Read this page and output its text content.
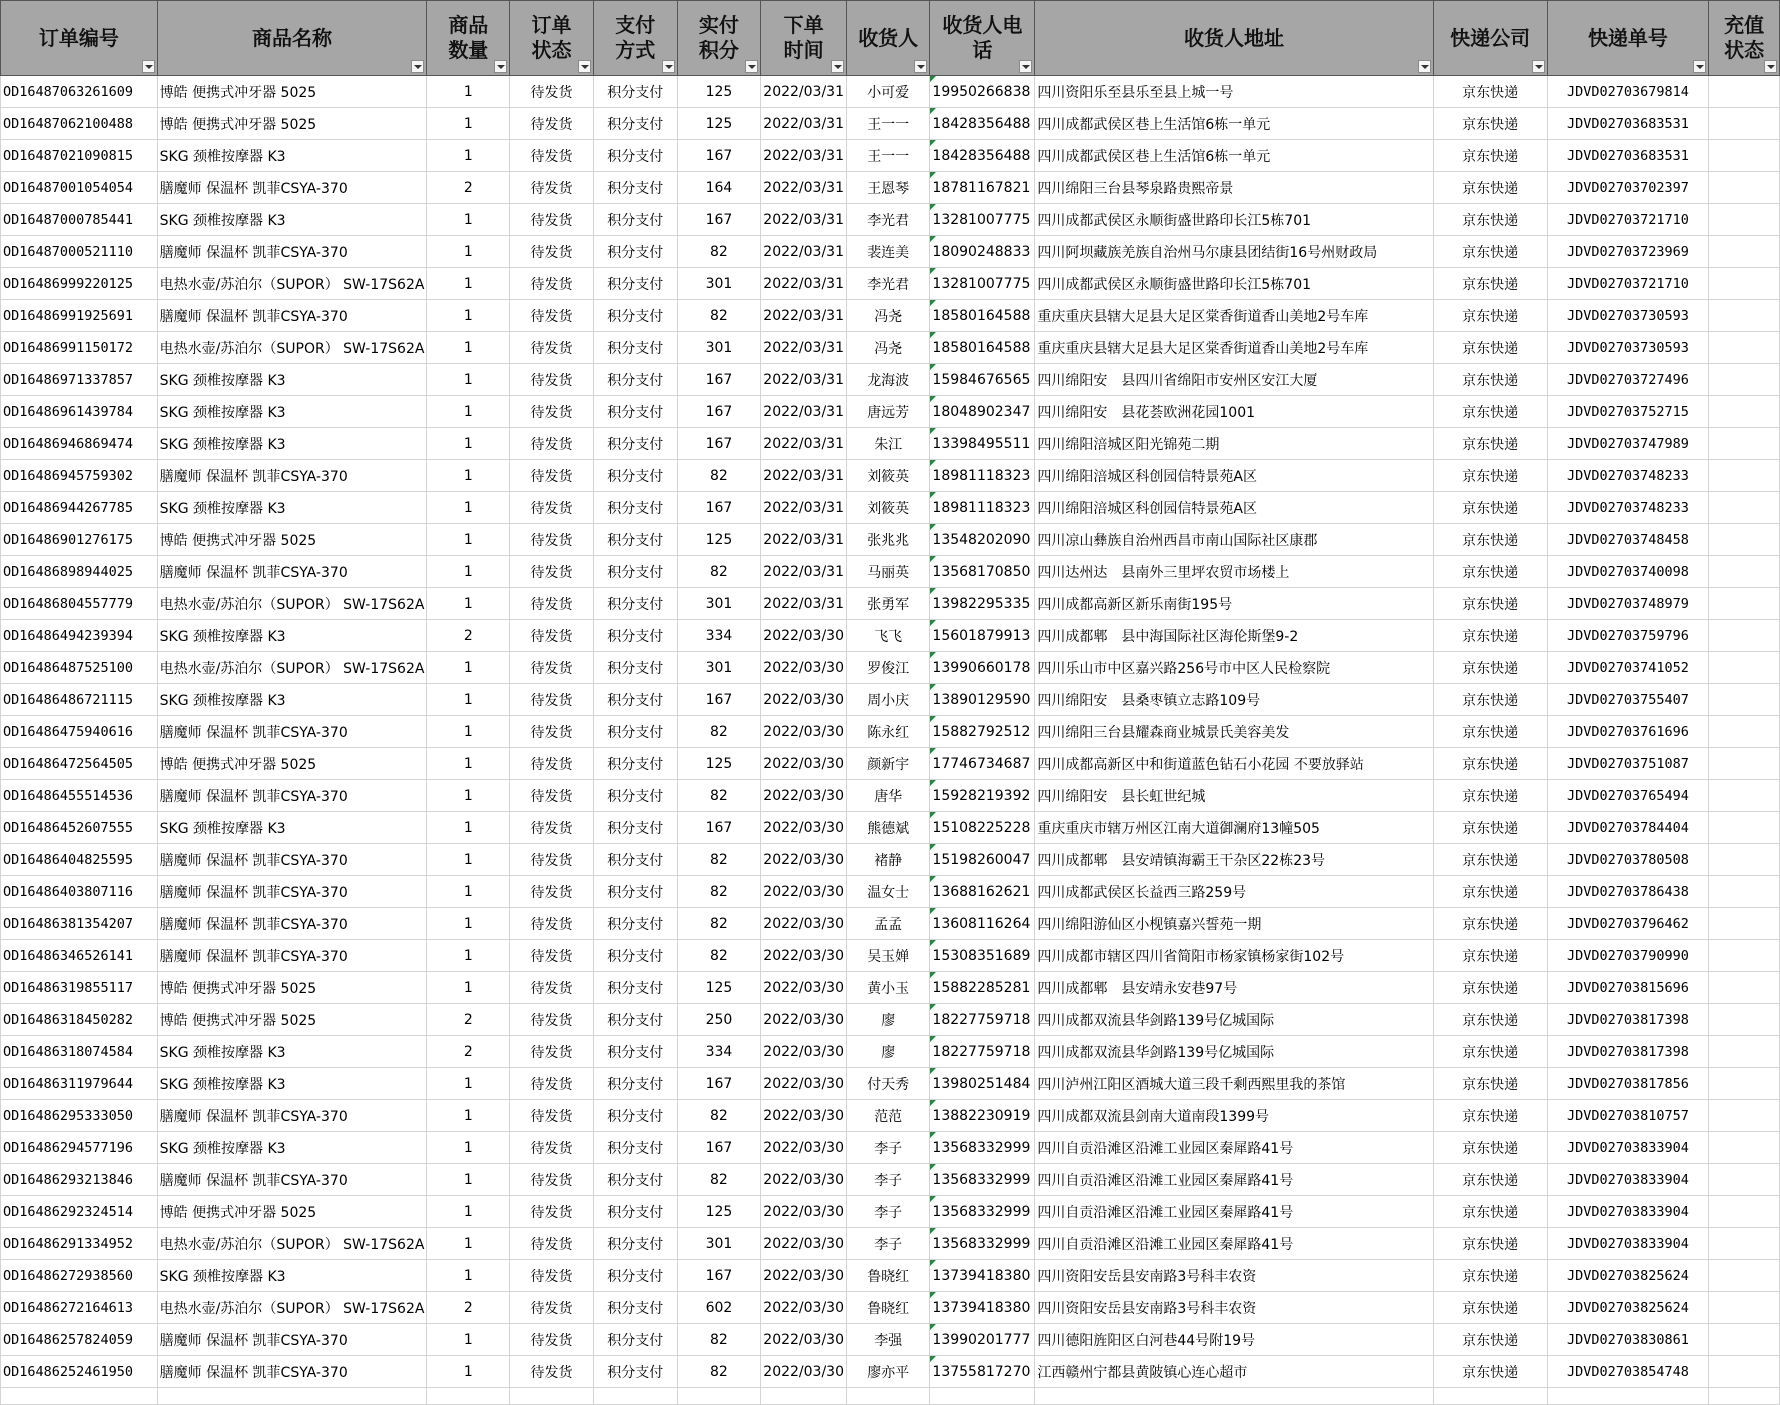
订单编号	商品名称	商品数量	订单状态	支付方式	实付积分	下单时间	收货人	收货人电话	收货人地址	快递公司	快递单号	充值状态

OD16487063261609	博皓 便携式冲牙器 5025	1	待发货	积分支付	125	2022/03/31	小可爱	19950266838	四川资阳乐至县乐至县上城一号	京东快递	JDVD02703679814	
OD16487062100488	博皓 便携式冲牙器 5025	1	待发货	积分支付	125	2022/03/31	王一一	18428356488	四川成都武侯区巷上生活馆6栋一单元	京东快递	JDVD02703683531	
OD16487021090815	SKG 颈椎按摩器 K3	1	待发货	积分支付	167	2022/03/31	王一一	18428356488	四川成都武侯区巷上生活馆6栋一单元	京东快递	JDVD02703683531	
OD16487001054054	膳魔师 保温杯 凯菲CSYA-370	2	待发货	积分支付	164	2022/03/31	王恩琴	18781167821	四川绵阳三台县琴泉路贵熙帝景	京东快递	JDVD02703702397	
OD16487000785441	SKG 颈椎按摩器 K3	1	待发货	积分支付	167	2022/03/31	李光君	13281007775	四川成都武侯区永顺街盛世路印长江5栋701	京东快递	JDVD02703721710	
OD16487000521110	膳魔师 保温杯 凯菲CSYA-370	1	待发货	积分支付	82	2022/03/31	裴连美	18090248833	四川阿坝藏族羌族自治州马尔康县团结街16号州财政局	京东快递	JDVD02703723969	
OD16486999220125	电热水壶/苏泊尔（SUPOR） SW-17S62A	1	待发货	积分支付	301	2022/03/31	李光君	13281007775	四川成都武侯区永顺街盛世路印长江5栋701	京东快递	JDVD02703721710	
OD16486991925691	膳魔师 保温杯 凯菲CSYA-370	1	待发货	积分支付	82	2022/03/31	冯尧	18580164588	重庆重庆县辖大足县大足区棠香街道香山美地2号车库	京东快递	JDVD02703730593	
OD16486991150172	电热水壶/苏泊尔（SUPOR） SW-17S62A	1	待发货	积分支付	301	2022/03/31	冯尧	18580164588	重庆重庆县辖大足县大足区棠香街道香山美地2号车库	京东快递	JDVD02703730593	
OD16486971337857	SKG 颈椎按摩器 K3	1	待发货	积分支付	167	2022/03/31	龙海波	15984676565	四川绵阳安　县四川省绵阳市安州区安江大厦	京东快递	JDVD02703727496	
OD16486961439784	SKG 颈椎按摩器 K3	1	待发货	积分支付	167	2022/03/31	唐远芳	18048902347	四川绵阳安　县花荟欧洲花园1001	京东快递	JDVD02703752715	
OD16486946869474	SKG 颈椎按摩器 K3	1	待发货	积分支付	167	2022/03/31	朱江	13398495511	四川绵阳涪城区阳光锦苑二期	京东快递	JDVD02703747989	
OD16486945759302	膳魔师 保温杯 凯菲CSYA-370	1	待发货	积分支付	82	2022/03/31	刘筱英	18981118323	四川绵阳涪城区科创园信特景苑A区	京东快递	JDVD02703748233	
OD16486944267785	SKG 颈椎按摩器 K3	1	待发货	积分支付	167	2022/03/31	刘筱英	18981118323	四川绵阳涪城区科创园信特景苑A区	京东快递	JDVD02703748233	
OD16486901276175	博皓 便携式冲牙器 5025	1	待发货	积分支付	125	2022/03/31	张兆兆	13548202090	四川凉山彝族自治州西昌市南山国际社区康郡	京东快递	JDVD02703748458	
OD16486898944025	膳魔师 保温杯 凯菲CSYA-370	1	待发货	积分支付	82	2022/03/31	马丽英	13568170850	四川达州达　县南外三里坪农贸市场楼上	京东快递	JDVD02703740098	
OD16486804557779	电热水壶/苏泊尔（SUPOR） SW-17S62A	1	待发货	积分支付	301	2022/03/31	张勇军	13982295335	四川成都高新区新乐南街195号	京东快递	JDVD02703748979	
OD16486494239394	SKG 颈椎按摩器 K3	2	待发货	积分支付	334	2022/03/30	飞飞	15601879913	四川成都郫　县中海国际社区海伦斯堡9-2	京东快递	JDVD02703759796	
OD16486487525100	电热水壶/苏泊尔（SUPOR） SW-17S62A	1	待发货	积分支付	301	2022/03/30	罗俊江	13990660178	四川乐山市中区嘉兴路256号市中区人民检察院	京东快递	JDVD02703741052	
OD16486486721115	SKG 颈椎按摩器 K3	1	待发货	积分支付	167	2022/03/30	周小庆	13890129590	四川绵阳安　县桑枣镇立志路109号	京东快递	JDVD02703755407	
OD16486475940616	膳魔师 保温杯 凯菲CSYA-370	1	待发货	积分支付	82	2022/03/30	陈永红	15882792512	四川绵阳三台县耀森商业城景氏美容美发	京东快递	JDVD02703761696	
OD16486472564505	博皓 便携式冲牙器 5025	1	待发货	积分支付	125	2022/03/30	颜新宇	17746734687	四川成都高新区中和街道蓝色钻石小花园 不要放驿站	京东快递	JDVD02703751087	
OD16486455514536	膳魔师 保温杯 凯菲CSYA-370	1	待发货	积分支付	82	2022/03/30	唐华	15928219392	四川绵阳安　县长虹世纪城	京东快递	JDVD02703765494	
OD16486452607555	SKG 颈椎按摩器 K3	1	待发货	积分支付	167	2022/03/30	熊德斌	15108225228	重庆重庆市辖万州区江南大道御澜府13幢505	京东快递	JDVD02703784404	
OD16486404825595	膳魔师 保温杯 凯菲CSYA-370	1	待发货	积分支付	82	2022/03/30	褚静	15198260047	四川成都郫　县安靖镇海霸王干杂区22栋23号	京东快递	JDVD02703780508	
OD16486403807116	膳魔师 保温杯 凯菲CSYA-370	1	待发货	积分支付	82	2022/03/30	温女士	13688162621	四川成都武侯区长益西三路259号	京东快递	JDVD02703786438	
OD16486381354207	膳魔师 保温杯 凯菲CSYA-370	1	待发货	积分支付	82	2022/03/30	孟孟	13608116264	四川绵阳游仙区小枧镇嘉兴誓苑一期	京东快递	JDVD02703796462	
OD16486346526141	膳魔师 保温杯 凯菲CSYA-370	1	待发货	积分支付	82	2022/03/30	吴玉婵	15308351689	四川成都市辖区四川省简阳市杨家镇杨家街102号	京东快递	JDVD02703790990	
OD16486319855117	博皓 便携式冲牙器 5025	1	待发货	积分支付	125	2022/03/30	黄小玉	15882285281	四川成都郫　县安靖永安巷97号	京东快递	JDVD02703815696	
OD16486318450282	博皓 便携式冲牙器 5025	2	待发货	积分支付	250	2022/03/30	廖	18227759718	四川成都双流县华剑路139号亿城国际	京东快递	JDVD02703817398	
OD16486318074584	SKG 颈椎按摩器 K3	2	待发货	积分支付	334	2022/03/30	廖	18227759718	四川成都双流县华剑路139号亿城国际	京东快递	JDVD02703817398	
OD16486311979644	SKG 颈椎按摩器 K3	1	待发货	积分支付	167	2022/03/30	付天秀	13980251484	四川泸州江阳区酒城大道三段千剩西熙里我的茶馆	京东快递	JDVD02703817856	
OD16486295333050	膳魔师 保温杯 凯菲CSYA-370	1	待发货	积分支付	82	2022/03/30	范范	13882230919	四川成都双流县剑南大道南段1399号	京东快递	JDVD02703810757	
OD16486294577196	SKG 颈椎按摩器 K3	1	待发货	积分支付	167	2022/03/30	李子	13568332999	四川自贡沿滩区沿滩工业园区秦犀路41号	京东快递	JDVD02703833904	
OD16486293213846	膳魔师 保温杯 凯菲CSYA-370	1	待发货	积分支付	82	2022/03/30	李子	13568332999	四川自贡沿滩区沿滩工业园区秦犀路41号	京东快递	JDVD02703833904	
OD16486292324514	博皓 便携式冲牙器 5025	1	待发货	积分支付	125	2022/03/30	李子	13568332999	四川自贡沿滩区沿滩工业园区秦犀路41号	京东快递	JDVD02703833904	
OD16486291334952	电热水壶/苏泊尔（SUPOR） SW-17S62A	1	待发货	积分支付	301	2022/03/30	李子	13568332999	四川自贡沿滩区沿滩工业园区秦犀路41号	京东快递	JDVD02703833904	
OD16486272938560	SKG 颈椎按摩器 K3	1	待发货	积分支付	167	2022/03/30	鲁晓红	13739418380	四川资阳安岳县安南路3号科丰农资	京东快递	JDVD02703825624	
OD16486272164613	电热水壶/苏泊尔（SUPOR） SW-17S62A	2	待发货	积分支付	602	2022/03/30	鲁晓红	13739418380	四川资阳安岳县安南路3号科丰农资	京东快递	JDVD02703825624	
OD16486257824059	膳魔师 保温杯 凯菲CSYA-370	1	待发货	积分支付	82	2022/03/30	李强	13990201777	四川德阳旌阳区白河巷44号附19号	京东快递	JDVD02703830861	
OD16486252461950	膳魔师 保温杯 凯菲CSYA-370	1	待发货	积分支付	82	2022/03/30	廖亦平	13755817270	江西赣州宁都县黄陂镇心连心超市	京东快递	JDVD02703854748	
